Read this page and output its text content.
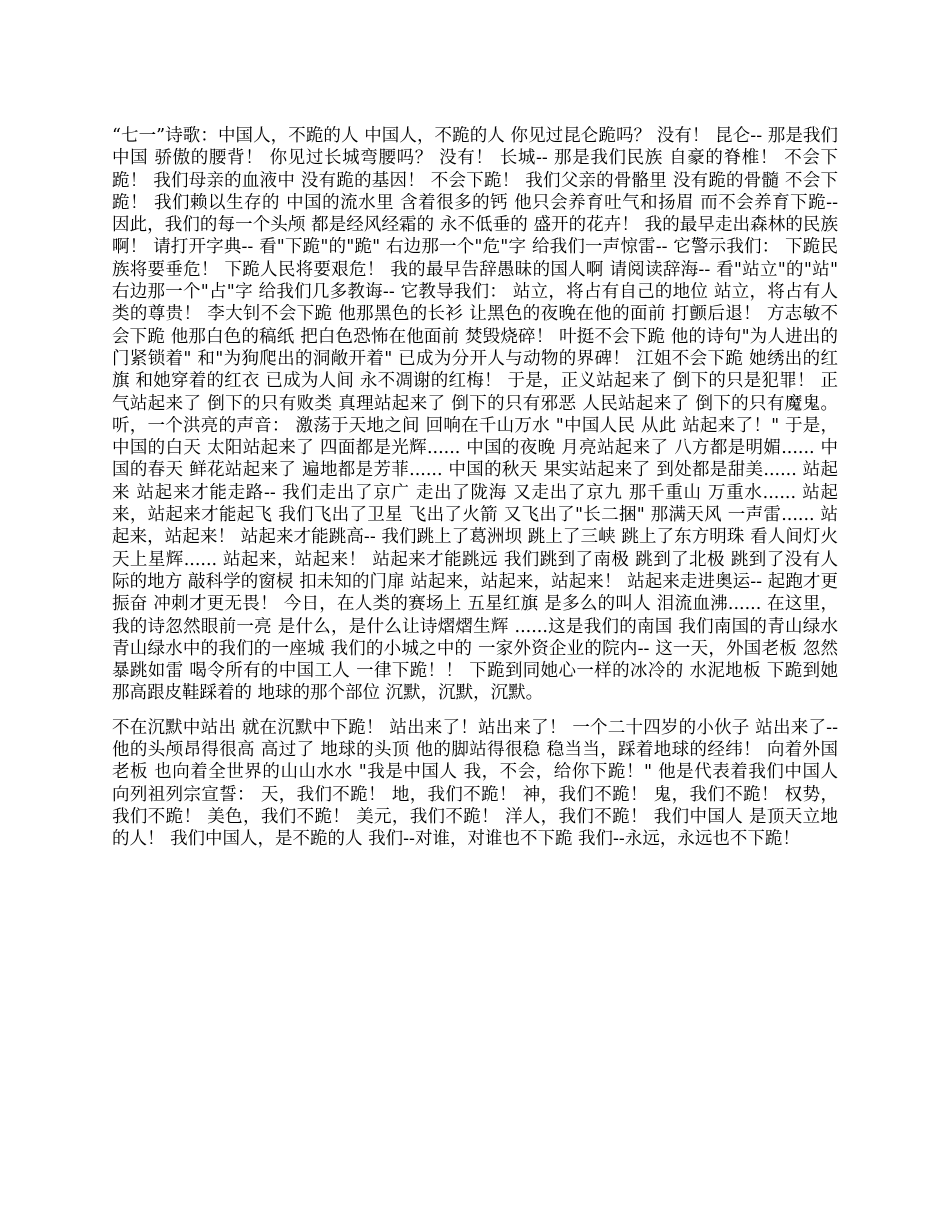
“七一”诗歌：中国人，不跪的人 中国人，不跪的人 你见过昆仑跪吗？ 没有！ 昆仑-- 那是我们中国 骄傲的腰背！ 你见过长城弯腰吗？ 没有！ 长城-- 那是我们民族 自豪的脊椎！ 不会下跪！ 我们母亲的血液中 没有跪的基因！ 不会下跪！ 我们父亲的骨骼里 没有跪的骨髓 不会下跪！ 我们赖以生存的 中国的流水里 含着很多的钙 他只会养育吐气和扬眉 而不会养育下跪-- 因此，我们的每一个头颅 都是经风经霜的 永不低垂的 盛开的花卉！ 我的最早走出森林的民族啊！ 请打开字典-- 看"下跪"的"跪" 右边那一个"危"字 给我们一声惊雷-- 它警示我们： 下跪民族将要垂危！ 下跪人民将要艰危！ 我的最早告辞愚昧的国人啊 请阅读辞海-- 看"站立"的"站" 右边那一个"占"字 给我们几多教诲-- 它教导我们： 站立，将占有自己的地位 站立，将占有人类的尊贵！ 李大钊不会下跪 他那黑色的长衫 让黑色的夜晚在他的面前 打颤后退！ 方志敏不会下跪 他那白色的稿纸 把白色恐怖在他面前 焚毁烧碎！ 叶挺不会下跪 他的诗句"为人进出的门紧锁着" 和"为狗爬出的洞敞开着" 已成为分开人与动物的界碑！ 江姐不会下跪 她绣出的红旗 和她穿着的红衣 已成为人间 永不凋谢的红梅！ 于是，正义站起来了 倒下的只是犯罪！ 正气站起来了 倒下的只有败类 真理站起来了 倒下的只有邪恶 人民站起来了 倒下的只有魔鬼。 听，一个洪亮的声音： 激荡于天地之间 回响在千山万水 "中国人民 从此 站起来了！" 于是，中国的白天 太阳站起来了 四面都是光辉...... 中国的夜晚 月亮站起来了 八方都是明媚...... 中国的春天 鲜花站起来了 遍地都是芳菲...... 中国的秋天 果实站起来了 到处都是甜美...... 站起来 站起来才能走路-- 我们走出了京广 走出了陇海 又走出了京九 那千重山 万重水...... 站起来，站起来才能起飞 我们飞出了卫星 飞出了火箭 又飞出了"长二捆" 那满天风 一声雷...... 站起来，站起来！ 站起来才能跳高-- 我们跳上了葛洲坝 跳上了三峡 跳上了东方明珠 看人间灯火 天上星辉...... 站起来，站起来！ 站起来才能跳远 我们跳到了南极 跳到了北极 跳到了没有人际的地方 敲科学的窗棂 扣未知的门扉 站起来，站起来，站起来！ 站起来走进奥运-- 起跑才更振奋 冲刺才更无畏！ 今日，在人类的赛场上 五星红旗 是多么的叫人 泪流血沸...... 在这里，我的诗忽然眼前一亮 是什么，是什么让诗熠熠生辉 ......这是我们的南国 我们南国的青山绿水 青山绿水中的我们的一座城 我们的小城之中的 一家外资企业的院内-- 这一天，外国老板 忽然暴跳如雷 喝令所有的中国工人 一律下跪！！ 下跪到同她心一样的冰冷的 水泥地板 下跪到她那高跟皮鞋踩着的 地球的那个部位 沉默，沉默，沉默。

不在沉默中站出 就在沉默中下跪！ 站出来了！站出来了！ 一个二十四岁的小伙子 站出来了-- 他的头颅昂得很高 高过了 地球的头顶 他的脚站得很稳 稳当当，踩着地球的经纬！ 向着外国老板 也向着全世界的山山水水 "我是中国人 我，不会，给你下跪！" 他是代表着我们中国人 向列祖列宗宣誓： 天，我们不跪！ 地，我们不跪！ 神，我们不跪！ 鬼，我们不跪！ 权势，我们不跪！ 美色，我们不跪！ 美元，我们不跪！ 洋人，我们不跪！ 我们中国人 是顶天立地的人！ 我们中国人，是不跪的人 我们--对谁，对谁也不下跪 我们--永远，永远也不下跪！
